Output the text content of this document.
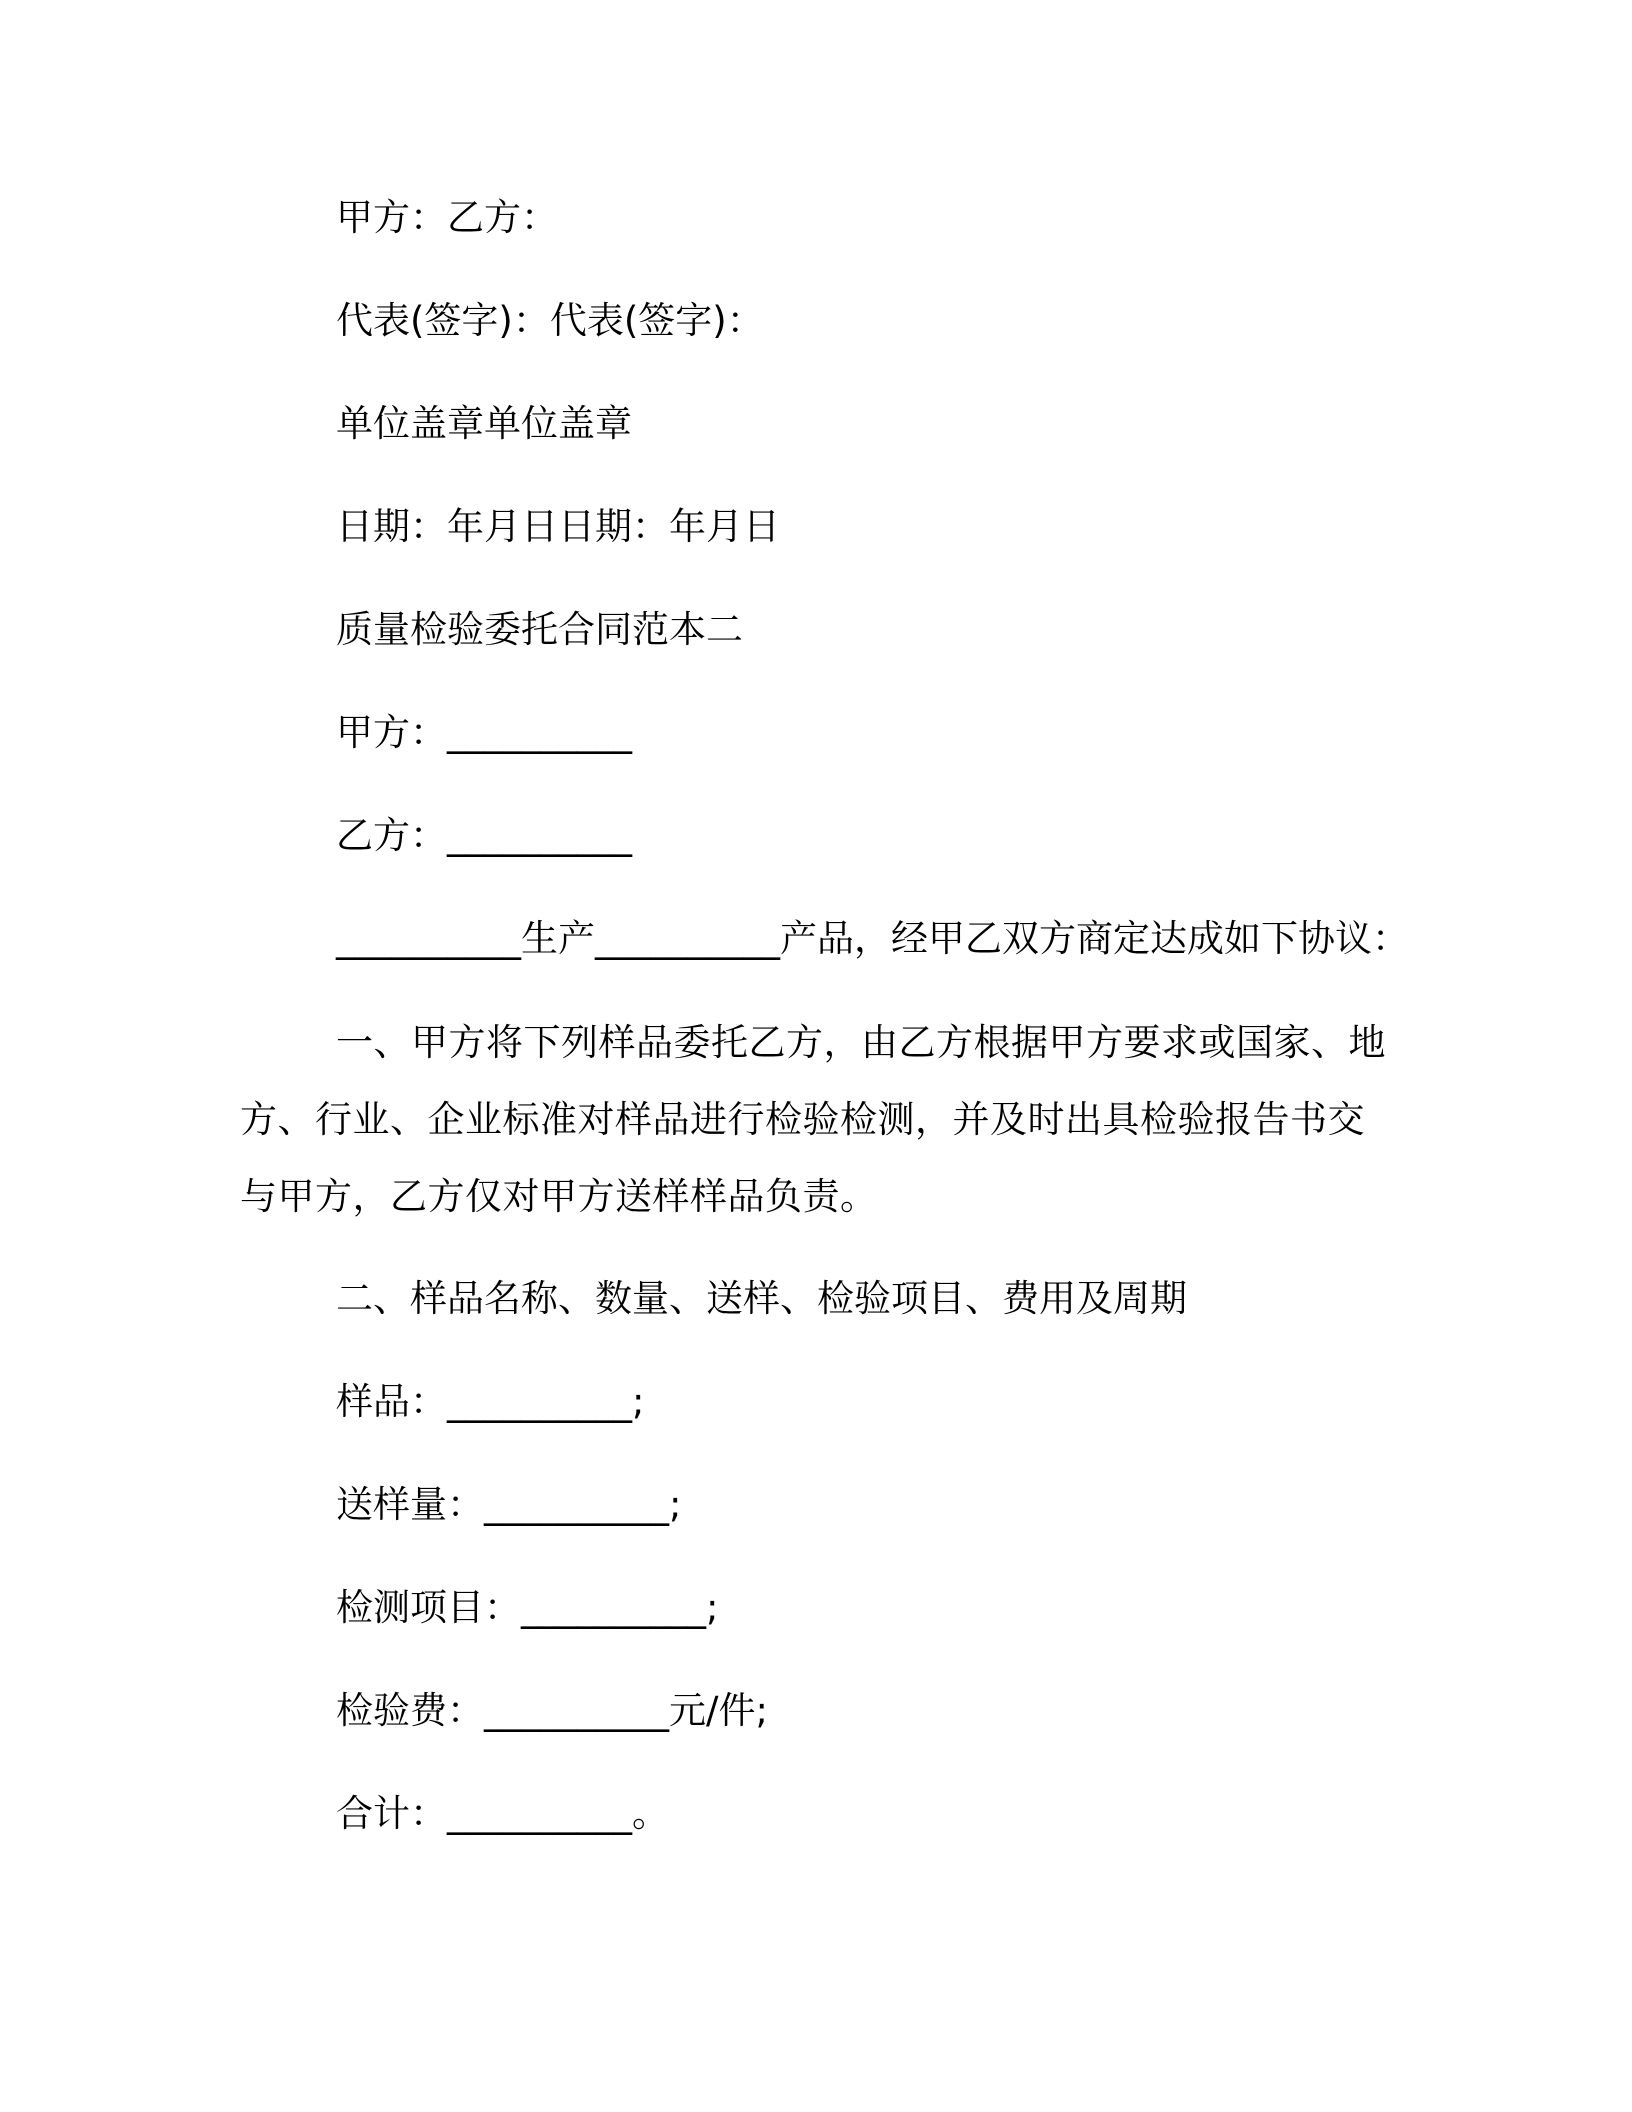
甲方：乙方：

代表(签字)：代表(签字)：

单位盖章单位盖章

日期：年月日日期：年月日

质量检验委托合同范本二

甲方：__________

乙方：__________

__________生产__________产品，经甲乙双方商定达成如下协议：

一、甲方将下列样品委托乙方，由乙方根据甲方要求或国家、地方、行业、企业标准对样品进行检验检测，并及时出具检验报告书交与甲方，乙方仅对甲方送样样品负责。

二、样品名称、数量、送样、检验项目、费用及周期

样品：__________;

送样量：__________;

检测项目：__________;

检验费：__________元/件;

合计：__________。
